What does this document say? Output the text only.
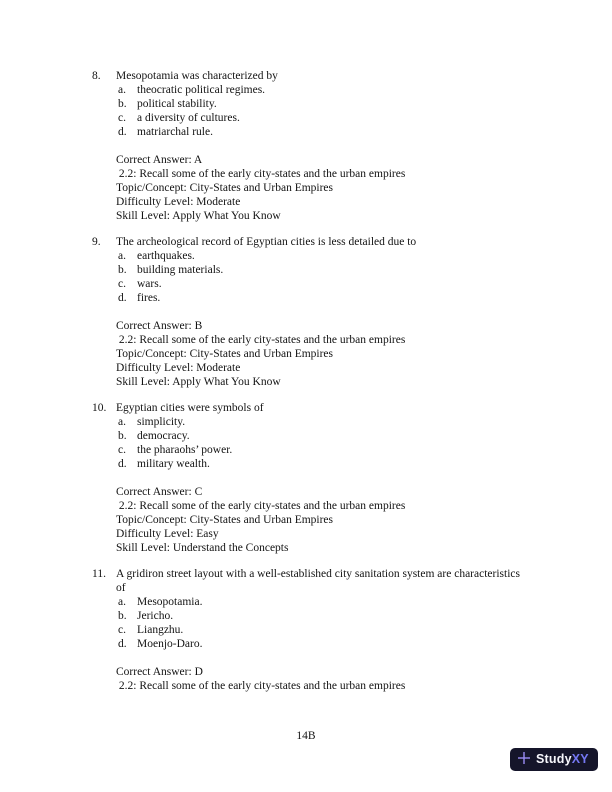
8.	Mesopotamia was characterized by
a. theocratic political regimes.
b. political stability.
c. a diversity of cultures.
d. matriarchal rule.
Correct Answer: A
2.2: Recall some of the early city-states and the urban empires
Topic/Concept: City-States and Urban Empires
Difficulty Level: Moderate
Skill Level: Apply What You Know
9.	The archeological record of Egyptian cities is less detailed due to
a. earthquakes.
b. building materials.
c. wars.
d. fires.
Correct Answer: B
2.2: Recall some of the early city-states and the urban empires
Topic/Concept: City-States and Urban Empires
Difficulty Level: Moderate
Skill Level: Apply What You Know
10. Egyptian cities were symbols of
a. simplicity.
b. democracy.
c. the pharaohs’ power.
d. military wealth.
Correct Answer: C
2.2: Recall some of the early city-states and the urban empires
Topic/Concept: City-States and Urban Empires
Difficulty Level: Easy
Skill Level: Understand the Concepts
11. A gridiron street layout with a well-established city sanitation system are characteristics
of
a. Mesopotamia.
b. Jericho.
c. Liangzhu.
d. Moenjo-Daro.
Correct Answer: D
2.2: Recall some of the early city-states and the urban empires
14B
StudyXY
